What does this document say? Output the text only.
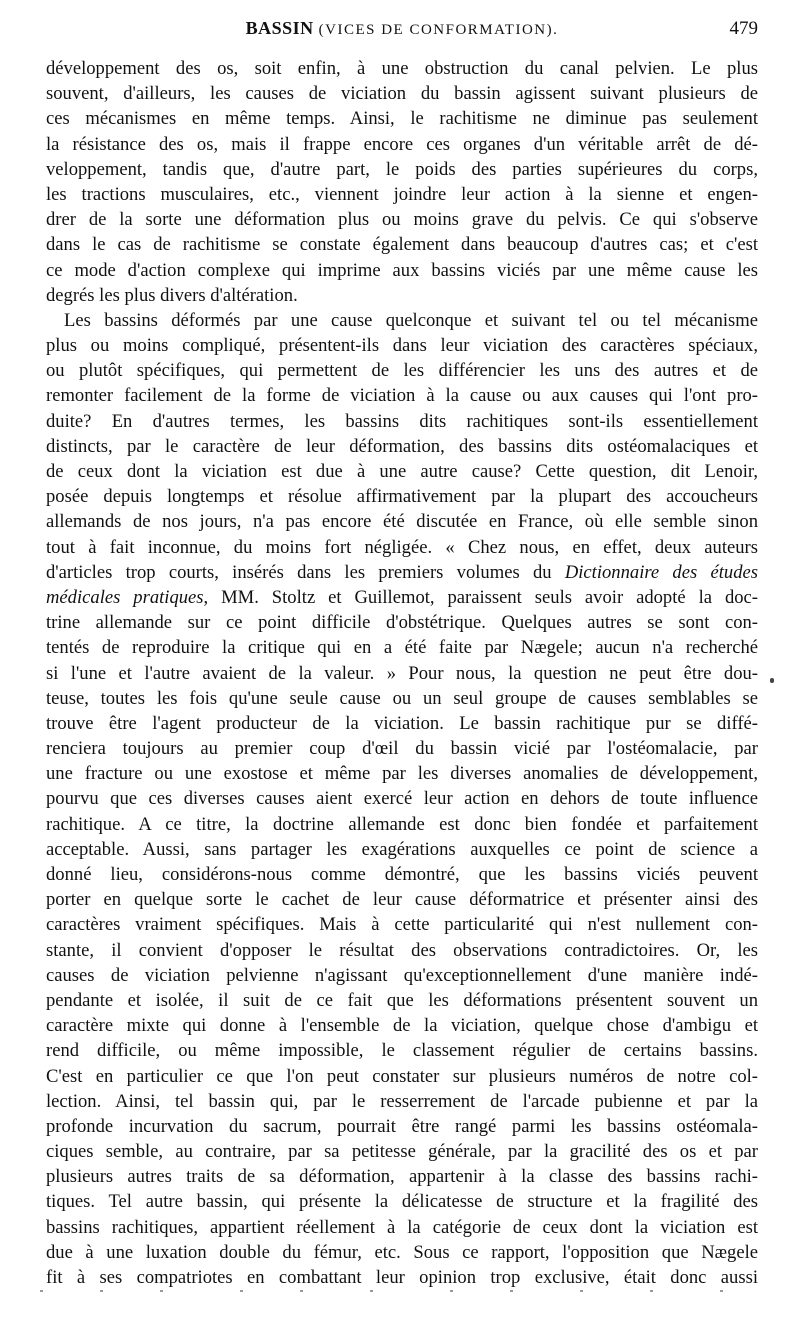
BASSIN (VICES DE CONFORMATION).	479
développement des os, soit enfin, à une obstruction du canal pelvien. Le plus
souvent, d'ailleurs, les causes de viciation du bassin agissent suivant plusieurs de
ces mécanismes en même temps. Ainsi, le rachitisme ne diminue pas seulement
la résistance des os, mais il frappe encore ces organes d'un véritable arrêt de dé-
veloppement, tandis que, d'autre part, le poids des parties supérieures du corps,
les tractions musculaires, etc., viennent joindre leur action à la sienne et engen-
drer de la sorte une déformation plus ou moins grave du pelvis. Ce qui s'observe
dans le cas de rachitisme se constate également dans beaucoup d'autres cas; et c'est
ce mode d'action complexe qui imprime aux bassins viciés par une même cause les
degrés les plus divers d'altération.
Les bassins déformés par une cause quelconque et suivant tel ou tel mécanisme
plus ou moins compliqué, présentent-ils dans leur viciation des caractères spéciaux,
ou plutôt spécifiques, qui permettent de les différencier les uns des autres et de
remonter facilement de la forme de viciation à la cause ou aux causes qui l'ont pro-
duite? En d'autres termes, les bassins dits rachitiques sont-ils essentiellement
distincts, par le caractère de leur déformation, des bassins dits ostéomalaciques et
de ceux dont la viciation est due à une autre cause? Cette question, dit Lenoir,
posée depuis longtemps et résolue affirmativement par la plupart des accoucheurs
allemands de nos jours, n'a pas encore été discutée en France, où elle semble sinon
tout à fait inconnue, du moins fort négligée. « Chez nous, en effet, deux auteurs
d'articles trop courts, insérés dans les premiers volumes du Dictionnaire des études
médicales pratiques, MM. Stoltz et Guillemot, paraissent seuls avoir adopté la doc-
trine allemande sur ce point difficile d'obstétrique. Quelques autres se sont con-
tentés de reproduire la critique qui en a été faite par Nægele; aucun n'a recherché
si l'une et l'autre avaient de la valeur. » Pour nous, la question ne peut être dou-
teuse, toutes les fois qu'une seule cause ou un seul groupe de causes semblables se
trouve être l'agent producteur de la viciation. Le bassin rachitique pur se diffé-
renciera toujours au premier coup d'œil du bassin vicié par l'ostéomalacie, par
une fracture ou une exostose et même par les diverses anomalies de développement,
pourvu que ces diverses causes aient exercé leur action en dehors de toute influence
rachitique. A ce titre, la doctrine allemande est donc bien fondée et parfaitement
acceptable. Aussi, sans partager les exagérations auxquelles ce point de science a
donné lieu, considérons-nous comme démontré, que les bassins viciés peuvent
porter en quelque sorte le cachet de leur cause déformatrice et présenter ainsi des
caractères vraiment spécifiques. Mais à cette particularité qui n'est nullement con-
stante, il convient d'opposer le résultat des observations contradictoires. Or, les
causes de viciation pelvienne n'agissant qu'exceptionnellement d'une manière indé-
pendante et isolée, il suit de ce fait que les déformations présentent souvent un
caractère mixte qui donne à l'ensemble de la viciation, quelque chose d'ambigu et
rend difficile, ou même impossible, le classement régulier de certains bassins.
C'est en particulier ce que l'on peut constater sur plusieurs numéros de notre col-
lection. Ainsi, tel bassin qui, par le resserrement de l'arcade pubienne et par la
profonde incurvation du sacrum, pourrait être rangé parmi les bassins ostéomala-
ciques semble, au contraire, par sa petitesse générale, par la gracilité des os et par
plusieurs autres traits de sa déformation, appartenir à la classe des bassins rachi-
tiques. Tel autre bassin, qui présente la délicatesse de structure et la fragilité des
bassins rachitiques, appartient réellement à la catégorie de ceux dont la viciation est
due à une luxation double du fémur, etc. Sous ce rapport, l'opposition que Nægele
fit à ses compatriotes en combattant leur opinion trop exclusive, était donc aussi
